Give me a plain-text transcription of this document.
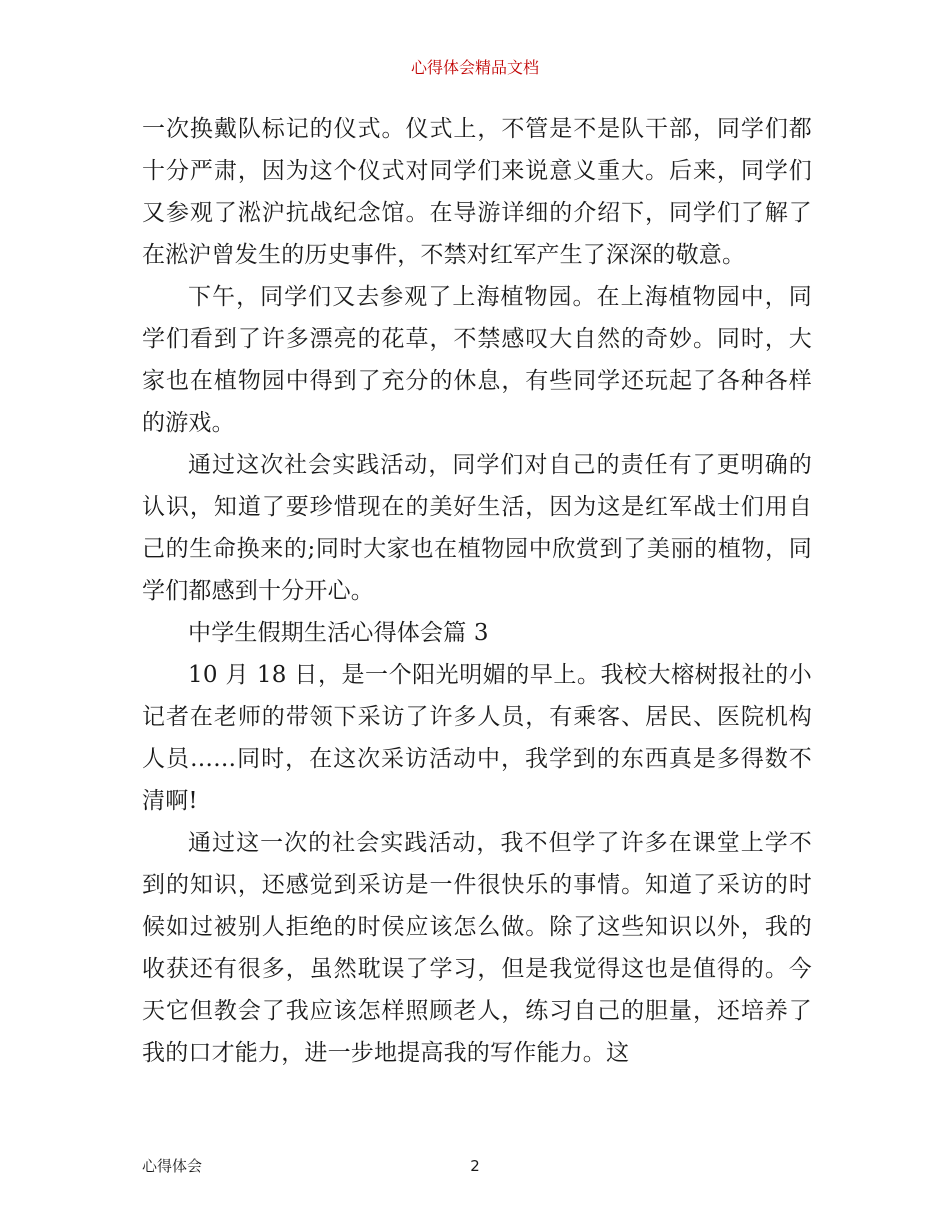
心得体会精品文档

一次换戴队标记的仪式。仪式上，不管是不是队干部，同学们都十分严肃，因为这个仪式对同学们来说意义重大。后来，同学们又参观了淞沪抗战纪念馆。在导游详细的介绍下，同学们了解了在淞沪曾发生的历史事件，不禁对红军产生了深深的敬意。

下午，同学们又去参观了上海植物园。在上海植物园中，同学们看到了许多漂亮的花草，不禁感叹大自然的奇妙。同时，大家也在植物园中得到了充分的休息，有些同学还玩起了各种各样的游戏。

通过这次社会实践活动，同学们对自己的责任有了更明确的认识，知道了要珍惜现在的美好生活，因为这是红军战士们用自己的生命换来的;同时大家也在植物园中欣赏到了美丽的植物，同学们都感到十分开心。

中学生假期生活心得体会篇 3

10 月 18 日，是一个阳光明媚的早上。我校大榕树报社的小记者在老师的带领下采访了许多人员，有乘客、居民、医院机构人员……同时，在这次采访活动中，我学到的东西真是多得数不清啊!

通过这一次的社会实践活动，我不但学了许多在课堂上学不到的知识，还感觉到采访是一件很快乐的事情。知道了采访的时候如过被别人拒绝的时侯应该怎么做。除了这些知识以外，我的收获还有很多，虽然耽误了学习，但是我觉得这也是值得的。今天它但教会了我应该怎样照顾老人，练习自己的胆量，还培养了我的口才能力，进一步地提高我的写作能力。这

心得体会	2
